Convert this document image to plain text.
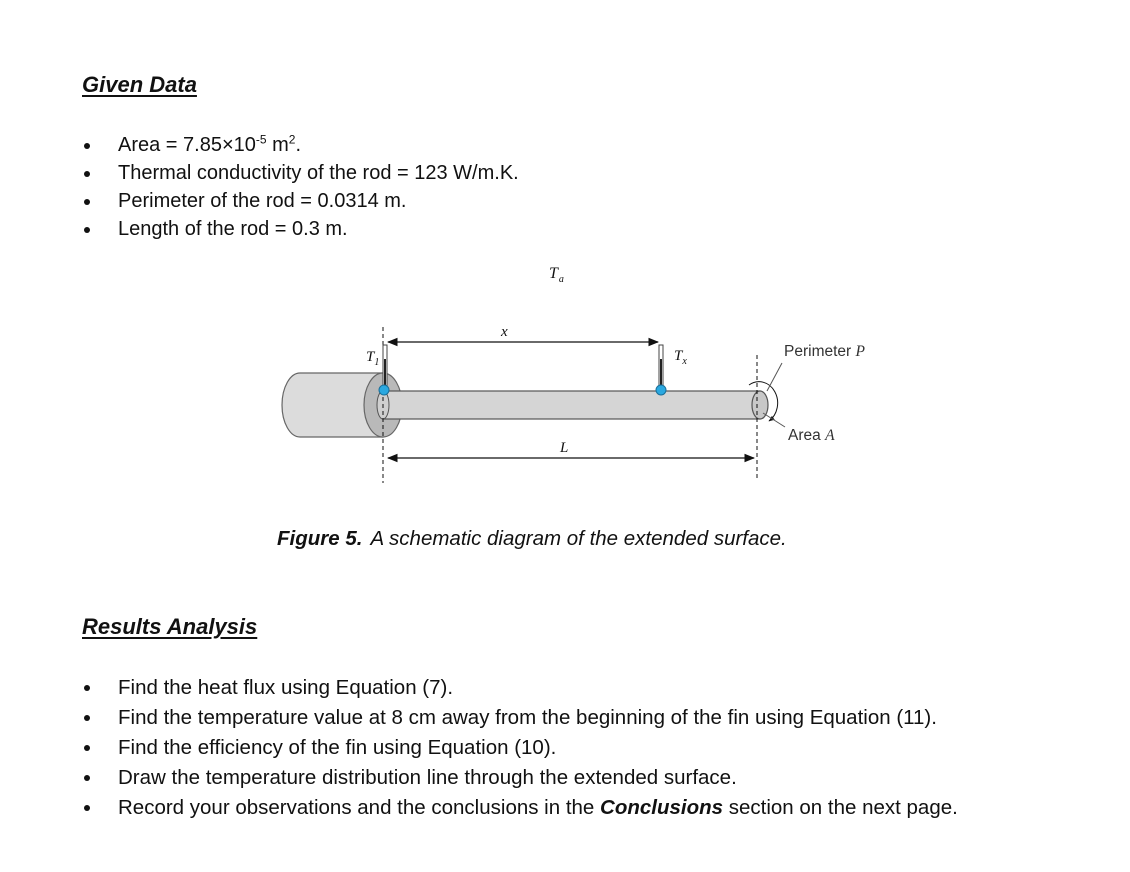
Given Data
Area = $7.85\times 10^{-5}$ $m^2$.
Thermal conductivity of the rod = 123 W/m.K.
Perimeter of the rod = 0.0314 m.
Length of the rod = 0.3 m.
$T_a$
x
$T_1$	$T_x$
L
Perimeter P
Area A

Figure 5. A schematic diagram of the extended surface.

Results Analysis
Find the heat flux using Equation (7).
Find the temperature value at 8 cm away from the beginning of the fin using Equation (11).
Find the efficiency of the fin using Equation (10).
Draw the temperature distribution line through the extended surface.
Record your observations and the conclusions in the Conclusions section on the next page.
